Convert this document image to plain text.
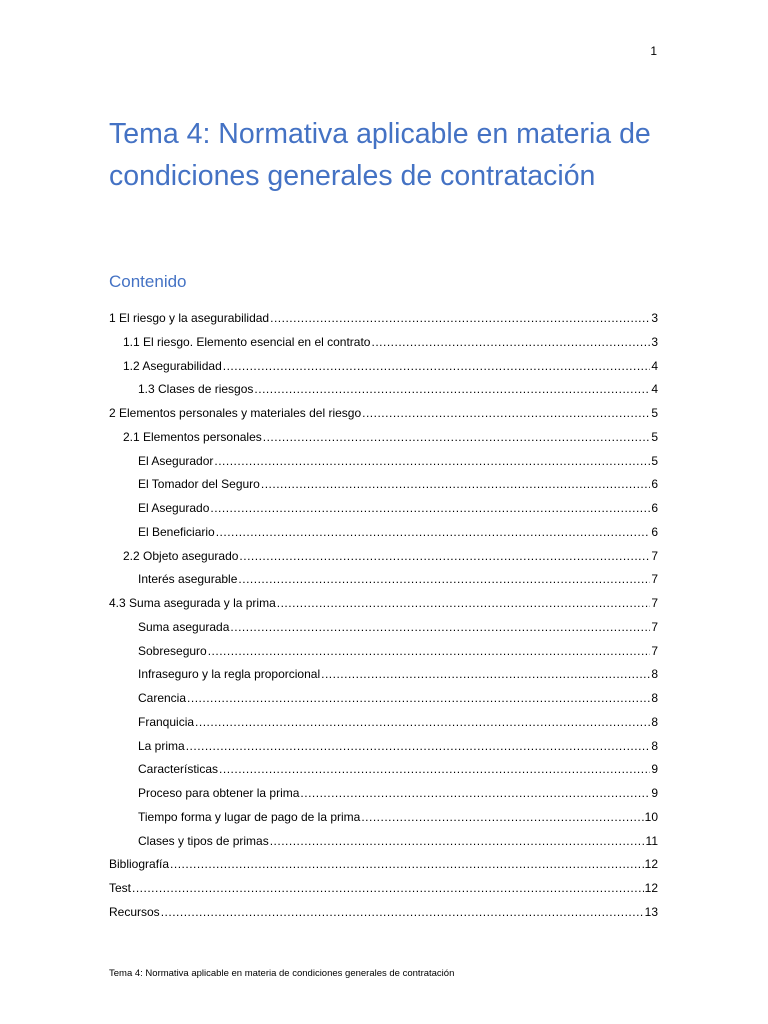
1
Tema 4: Normativa aplicable en materia de condiciones generales de contratación
Contenido
1 El riesgo y la asegurabilidad .....	3
1.1 El riesgo. Elemento esencial en el contrato .....	3
1.2 Asegurabilidad .....	4
1.3 Clases de riesgos .....	4
2 Elementos personales y materiales del riesgo .....	5
2.1 Elementos personales .....	5
El Asegurador .....	5
El Tomador del Seguro .....	6
El Asegurado .....	6
El Beneficiario .....	6
2.2 Objeto asegurado .....	7
Interés asegurable .....	7
4.3 Suma asegurada y la prima .....	7
Suma asegurada .....	7
Sobreseguro .....	7
Infraseguro y la regla proporcional .....	8
Carencia .....	8
Franquicia .....	8
La prima .....	8
Características .....	9
Proceso para obtener la prima .....	9
Tiempo forma y lugar de pago de la prima .....	10
Clases y tipos de primas .....	11
Bibliografía .....	12
Test .....	12
Recursos .....	13
Tema 4: Normativa aplicable en materia de condiciones generales de contratación
